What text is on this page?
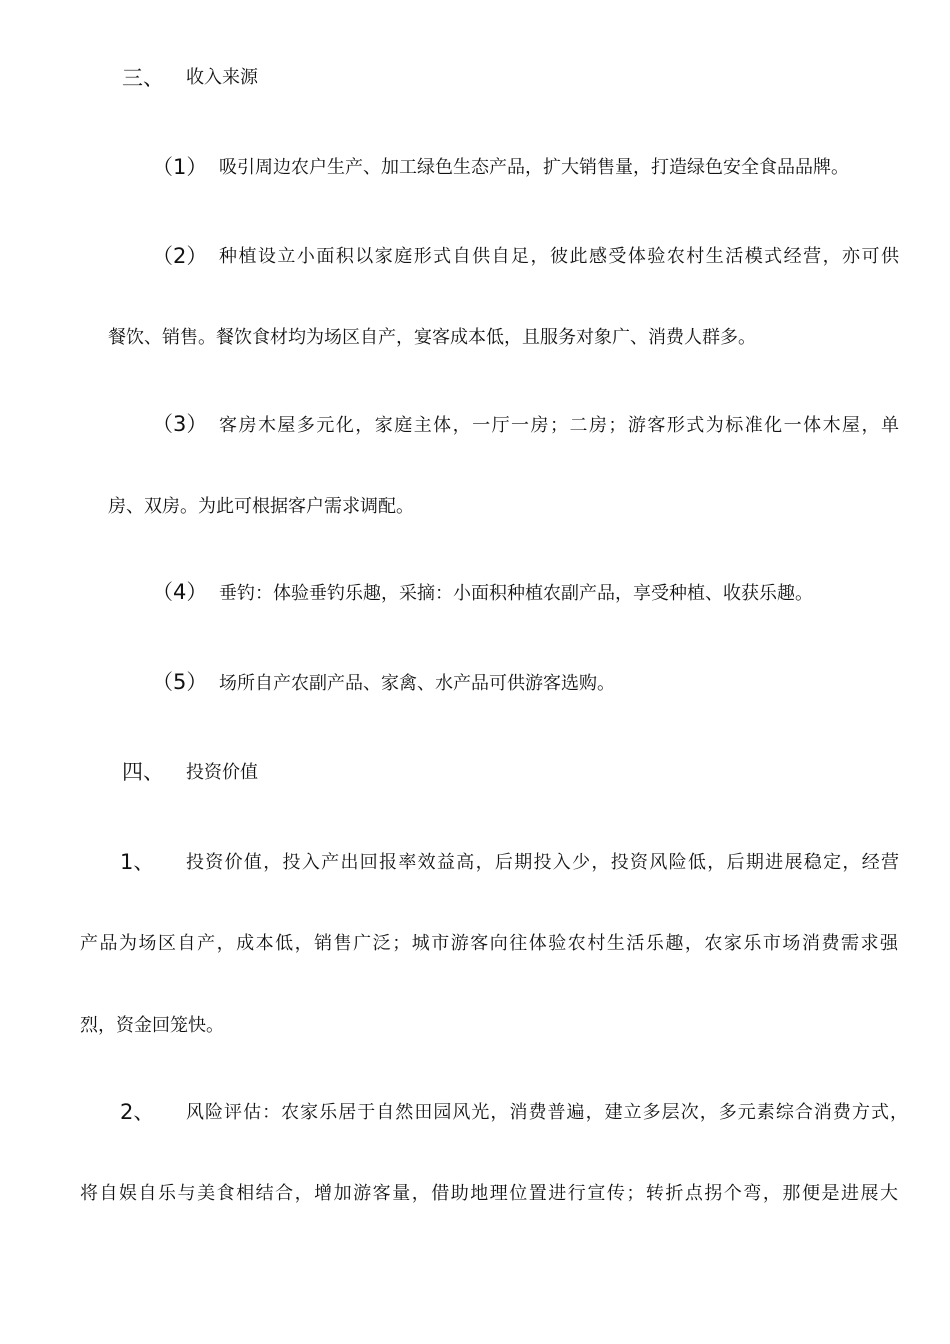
三、 收入来源
（1） 吸引周边农户生产、加工绿色生态产品，扩大销售量，打造绿色安全食品品牌。
（2） 种植设立小面积以家庭形式自供自足，彼此感受体验农村生活模式经营，亦可供
餐饮、销售。餐饮食材均为场区自产，宴客成本低，且服务对象广、消费人群多。
（3） 客房木屋多元化，家庭主体，一厅一房；二房；游客形式为标准化一体木屋，单
房、双房。为此可根据客户需求调配。
（4） 垂钓：体验垂钓乐趣，采摘：小面积种植农副产品，享受种植、收获乐趣。
（5） 场所自产农副产品、家禽、水产品可供游客选购。
四、 投资价值
1、 投资价值，投入产出回报率效益高，后期投入少，投资风险低，后期进展稳定，经营
产品为场区自产，成本低，销售广泛；城市游客向往体验农村生活乐趣，农家乐市场消费需求强
烈，资金回笼快。
2、 风险评估：农家乐居于自然田园风光，消费普遍，建立多层次，多元素综合消费方式，
将自娱自乐与美食相结合，增加游客量，借助地理位置进行宣传；转折点拐个弯，那便是进展大
